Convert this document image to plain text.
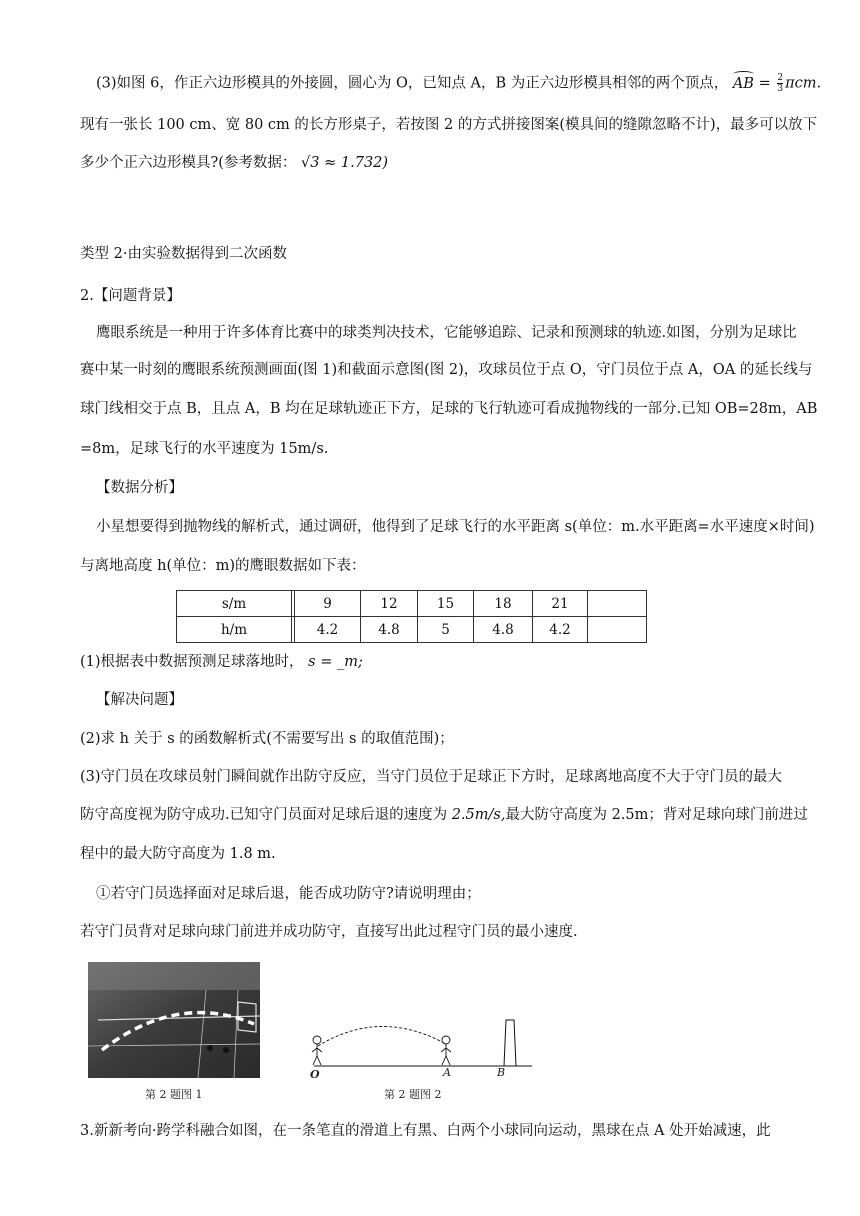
(3)如图 6，作正六边形模具的外接圆，圆心为 O，已知点 A，B 为正六边形模具相邻的两个顶点， AB = $\frac{2}{3} \pi cm$.
现有一张长 100 cm、宽 80 cm 的长方形桌子，若按图 2 的方式拼接图案(模具间的缝隙忽略不计)，最多可以放下
多少个正六边形模具?(参考数据： √3 ≈ 1.732)
类型 2·由实验数据得到二次函数
2.【问题背景】
鹰眼系统是一种用于许多体育比赛中的球类判决技术，它能够追踪、记录和预测球的轨迹.如图，分别为足球比
赛中某一时刻的鹰眼系统预测画面(图 1)和截面示意图(图 2)，攻球员位于点 O，守门员位于点 A，OA 的延长线与
球门线相交于点 B，且点 A，B 均在足球轨迹正下方，足球的飞行轨迹可看成抛物线的一部分.已知 OB=28m，AB
=8m，足球飞行的水平速度为 15m/s.
【数据分析】
小星想要得到抛物线的解析式，通过调研，他得到了足球飞行的水平距离 s(单位：m.水平距离=水平速度×时间)
与离地高度 h(单位：m)的鹰眼数据如下表：
s/m		9	12	15	18	21	
h/m		4.2	4.8	5	4.8	4.2	
(1)根据表中数据预测足球落地时， s = _m;
【解决问题】
(2)求 h 关于 s 的函数解析式(不需要写出 s 的取值范围)；
(3)守门员在攻球员射门瞬间就作出防守反应，当守门员位于足球正下方时，足球离地高度不大于守门员的最大
防守高度视为防守成功.已知守门员面对足球后退的速度为 2.5m/s,最大防守高度为 2.5m；背对足球向球门前进过
程中的最大防守高度为 1.8 m.
①若守门员选择面对足球后退，能否成功防守?请说明理由；
若守门员背对足球向球门前进并成功防守，直接写出此过程守门员的最小速度.
第 2 题图 1
O	A	B
第 2 题图 2
3.新新考向·跨学科融合如图，在一条笔直的滑道上有黑、白两个小球同向运动，黑球在点 A 处开始减速，此
